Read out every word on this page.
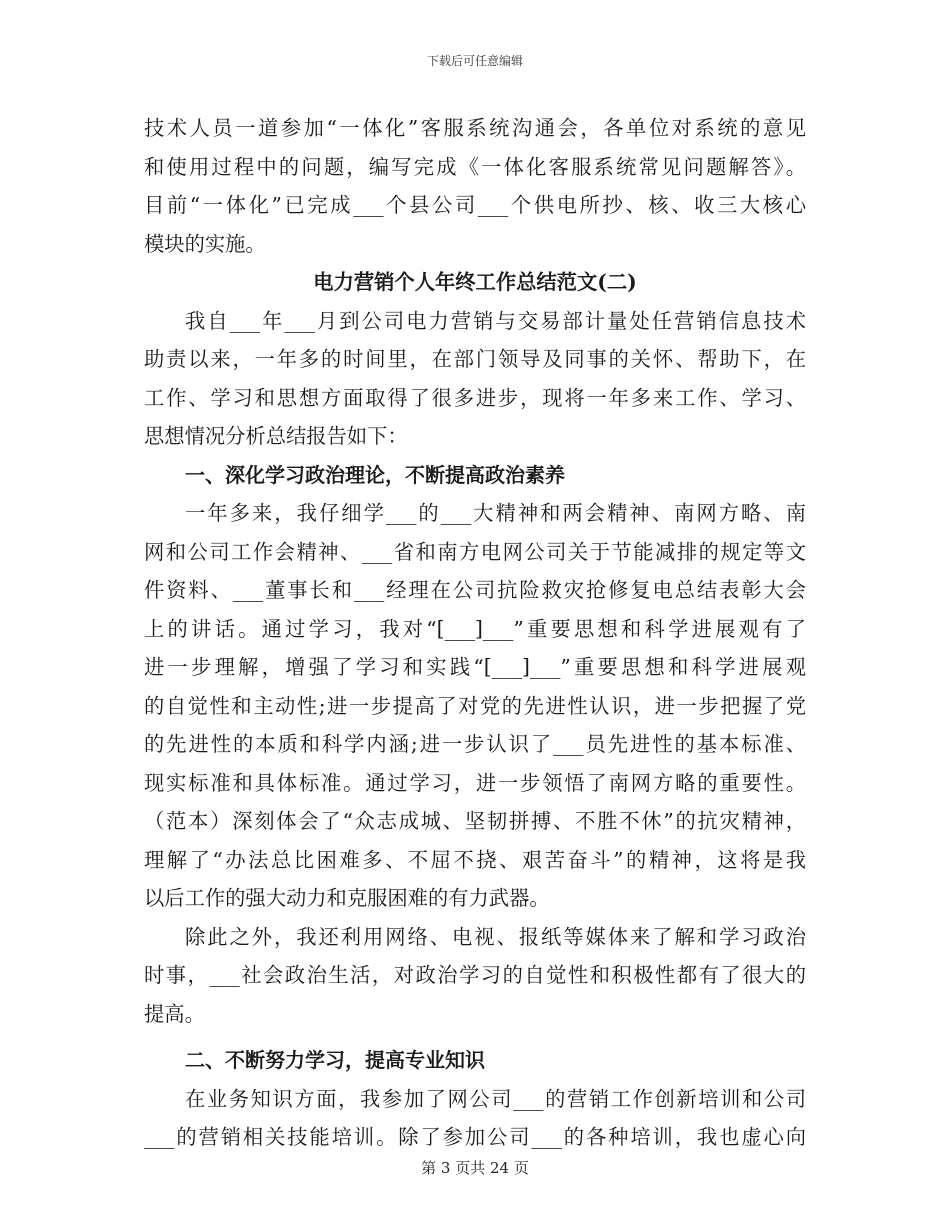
下载后可任意编辑
技术人员一道参加“一体化”客服系统沟通会，各单位对系统的意见
和使用过程中的问题，编写完成《一体化客服系统常见问题解答》。
目前“一体化”已完成___个县公司___个供电所抄、核、收三大核心
模块的实施。
电力营销个人年终工作总结范文(二)
我自___年___月到公司电力营销与交易部计量处任营销信息技术
助责以来，一年多的时间里，在部门领导及同事的关怀、帮助下，在
工作、学习和思想方面取得了很多进步，现将一年多来工作、学习、
思想情况分析总结报告如下：
一、深化学习政治理论，不断提高政治素养
一年多来，我仔细学___的___大精神和两会精神、南网方略、南
网和公司工作会精神、___省和南方电网公司关于节能减排的规定等文
件资料、___董事长和___经理在公司抗险救灾抢修复电总结表彰大会
上的讲话。通过学习，我对“[___]___”重要思想和科学进展观有了
进一步理解，增强了学习和实践“[___]___”重要思想和科学进展观
的自觉性和主动性;进一步提高了对党的先进性认识，进一步把握了党
的先进性的本质和科学内涵;进一步认识了___员先进性的基本标准、
现实标准和具体标准。通过学习，进一步领悟了南网方略的重要性。
（范本）深刻体会了“众志成城、坚韧拼搏、不胜不休”的抗灾精神，
理解了“办法总比困难多、不屈不挠、艰苦奋斗”的精神，这将是我
以后工作的强大动力和克服困难的有力武器。
除此之外，我还利用网络、电视、报纸等媒体来了解和学习政治
时事，___社会政治生活，对政治学习的自觉性和积极性都有了很大的
提高。
二、不断努力学习，提高专业知识
在业务知识方面，我参加了网公司___的营销工作创新培训和公司
___的营销相关技能培训。除了参加公司___的各种培训，我也虚心向
第 3 页共 24 页
